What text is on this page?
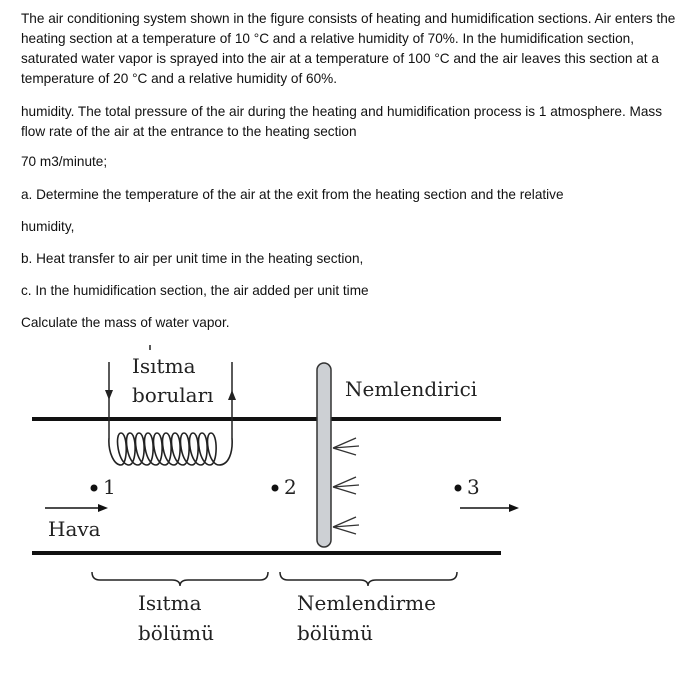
The air conditioning system shown in the figure consists of heating and humidification sections. Air enters the heating section at a temperature of 10 °C and a relative humidity of 70%. In the humidification section, saturated water vapor is sprayed into the air at a temperature of 100 °C and the air leaves this section at a temperature of 20 °C and a relative humidity of 60%.
humidity. The total pressure of the air during the heating and humidification process is 1 atmosphere. Mass flow rate of the air at the entrance to the heating section
70 m3/minute;
a. Determine the temperature of the air at the exit from the heating section and the relative
humidity,
b. Heat transfer to air per unit time in the heating section,
c. In the humidification section, the air added per unit time
Calculate the mass of water vapor.
Isıtma
boruları	Nemlendirici
1	2	3
Hava
Isıtma
bölümü
Nemlendirme
bölümü
